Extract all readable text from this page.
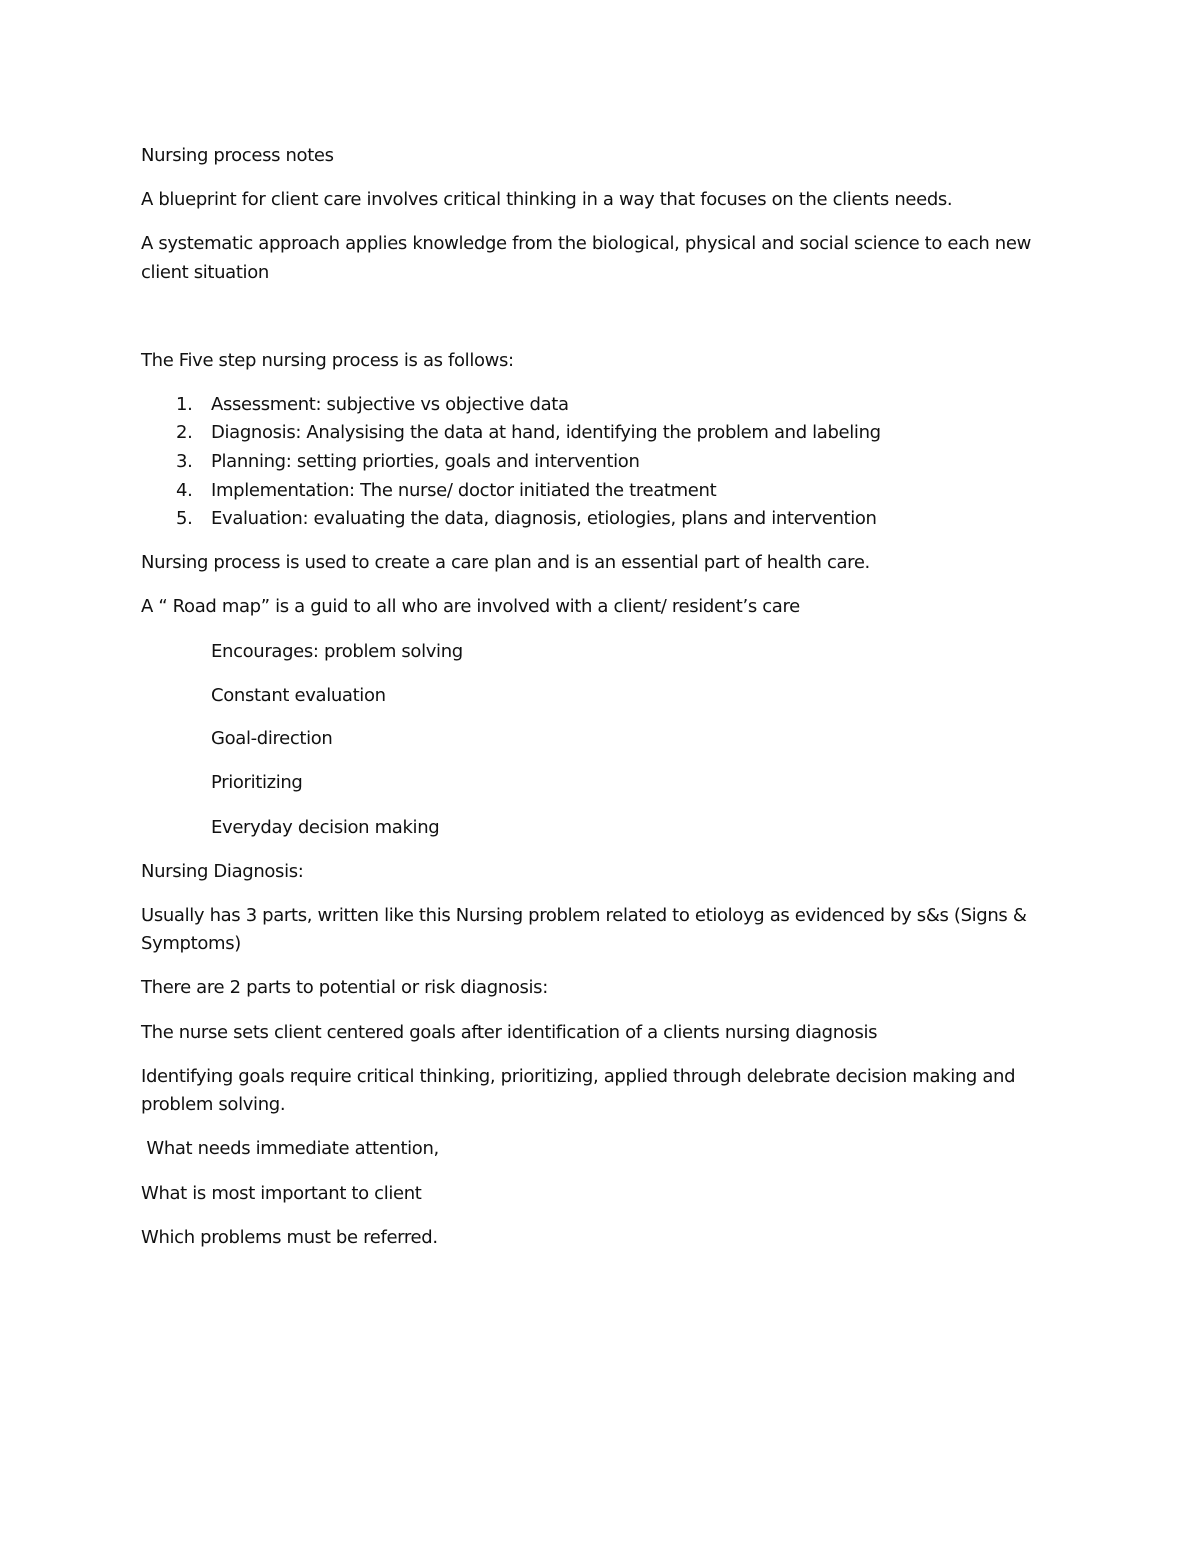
Nursing process notes
A blueprint for client care involves critical thinking in a way that focuses on the clients needs.
A systematic approach applies knowledge from the biological, physical and social science to each new
client situation
The Five step nursing process is as follows:
1. Assessment: subjective vs objective data
2. Diagnosis: Analysising the data at hand, identifying the problem and labeling
3. Planning: setting priorties, goals and intervention
4. Implementation: The nurse/ doctor initiated the treatment
5. Evaluation: evaluating the data, diagnosis, etiologies, plans and intervention
Nursing process is used to create a care plan and is an essential part of health care.
A “ Road map” is a guid to all who are involved with a client/ resident’s care
Encourages: problem solving
Constant evaluation
Goal-direction
Prioritizing
Everyday decision making
Nursing Diagnosis:
Usually has 3 parts, written like this Nursing problem related to etioloyg as evidenced by s&s (Signs &
Symptoms)
There are 2 parts to potential or risk diagnosis:
The nurse sets client centered goals after identification of a clients nursing diagnosis
Identifying goals require critical thinking, prioritizing, applied through delebrate decision making and
problem solving.
What needs immediate attention,
What is most important to client
Which problems must be referred.
